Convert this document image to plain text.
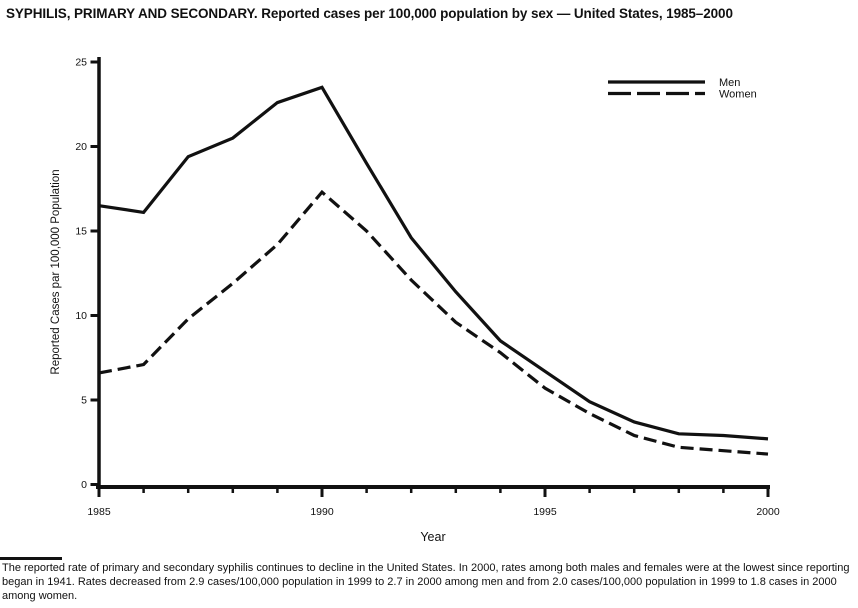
SYPHILIS, PRIMARY AND SECONDARY. Reported cases per 100,000 population by sex — United States, 1985–2000
0
5
10
15
20
25
1985	1990	1995	2000
Reported Cases par 100,000 Population
Year
Men
Women
The reported rate of primary and secondary syphilis continues to decline in the United States. In 2000, rates among both males and females were at the lowest since reporting began in 1941. Rates decreased from 2.9 cases/100,000 population in 1999 to 2.7 in 2000 among men and from 2.0 cases/100,000 population in 1999 to 1.8 cases in 2000 among women.
